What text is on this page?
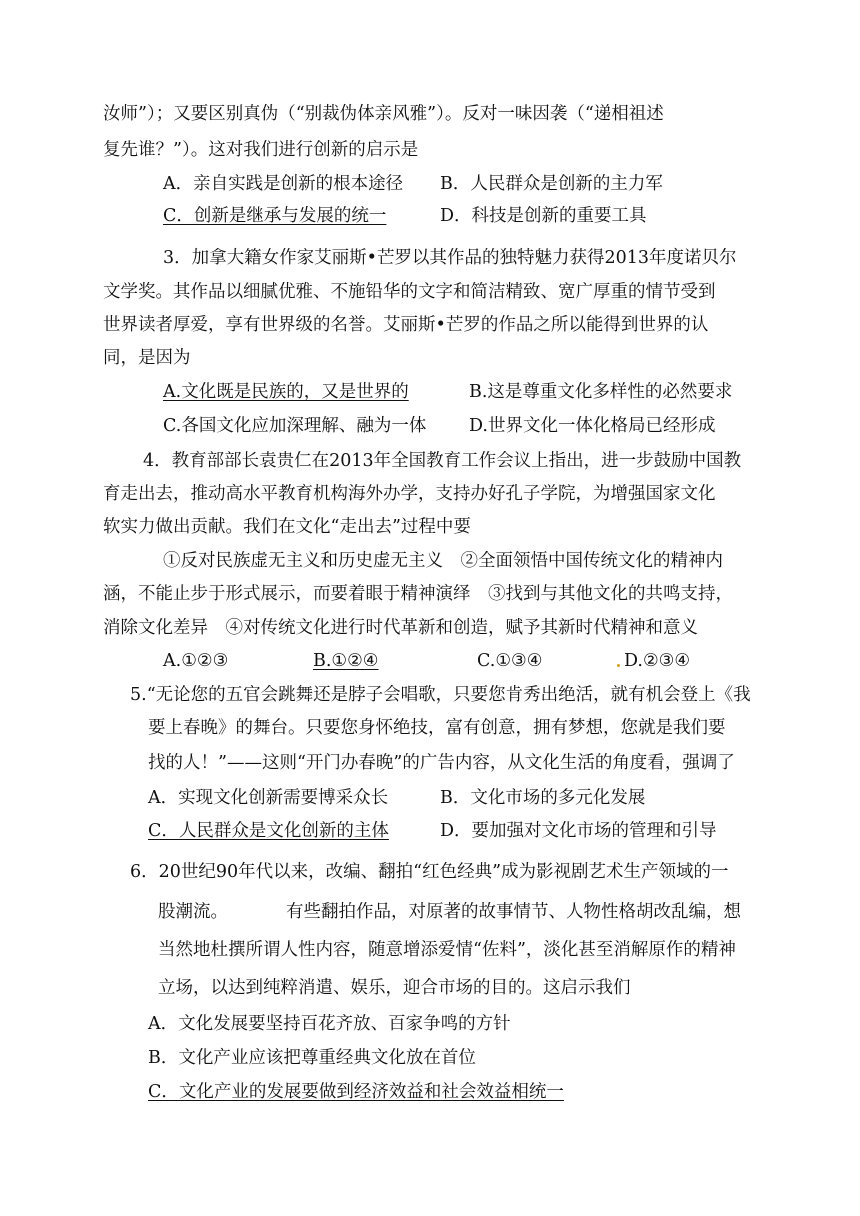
汝师”）；又要区别真伪（“别裁伪体亲风雅”）。反对一味因袭（“递相祖述
复先谁？”）。这对我们进行创新的启示是
A．亲自实践是创新的根本途径 B．人民群众是创新的主力军
C．创新是继承与发展的统一	D．科技是创新的重要工具
3．加拿大籍女作家艾丽斯•芒罗以其作品的独特魅力获得2013年度诺贝尔
文学奖。其作品以细腻优雅、不施铅华的文字和简洁精致、宽广厚重的情节受到
世界读者厚爱，享有世界级的名誉。艾丽斯•芒罗的作品之所以能得到世界的认
同，是因为
A.文化既是民族的，又是世界的	B.这是尊重文化多样性的必然要求
C.各国文化应加深理解、融为一体 D.世界文化一体化格局已经形成
4．教育部部长袁贵仁在2013年全国教育工作会议上指出，进一步鼓励中国教
育走出去，推动高水平教育机构海外办学，支持办好孔子学院，为增强国家文化
软实力做出贡献。我们在文化“走出去”过程中要
①反对民族虚无主义和历史虚无主义　②全面领悟中国传统文化的精神内
涵，不能止步于形式展示，而要着眼于精神演绎　③找到与其他文化的共鸣支持，
消除文化差异　④对传统文化进行时代革新和创造，赋予其新时代精神和意义
A.①②③	B.①②④	C.①③④	D.②③④
5.“无论您的五官会跳舞还是脖子会唱歌，只要您肯秀出绝活，就有机会登上《我
要上春晚》的舞台。只要您身怀绝技，富有创意，拥有梦想，您就是我们要
找的人！”——这则“开门办春晚”的广告内容，从文化生活的角度看，强调了
A．实现文化创新需要博采众长	B．文化市场的多元化发展
C．人民群众是文化创新的主体	D．要加强对文化市场的管理和引导
6．20世纪90年代以来，改编、翻拍“红色经典”成为影视剧艺术生产领域的一
股潮流。	有些翻拍作品，对原著的故事情节、人物性格胡改乱编，想
当然地杜撰所谓人性内容，随意增添爱情“佐料”，淡化甚至消解原作的精神
立场，以达到纯粹消遣、娱乐，迎合市场的目的。这启示我们
A．文化发展要坚持百花齐放、百家争鸣的方针
B．文化产业应该把尊重经典文化放在首位
C．文化产业的发展要做到经济效益和社会效益相统一
